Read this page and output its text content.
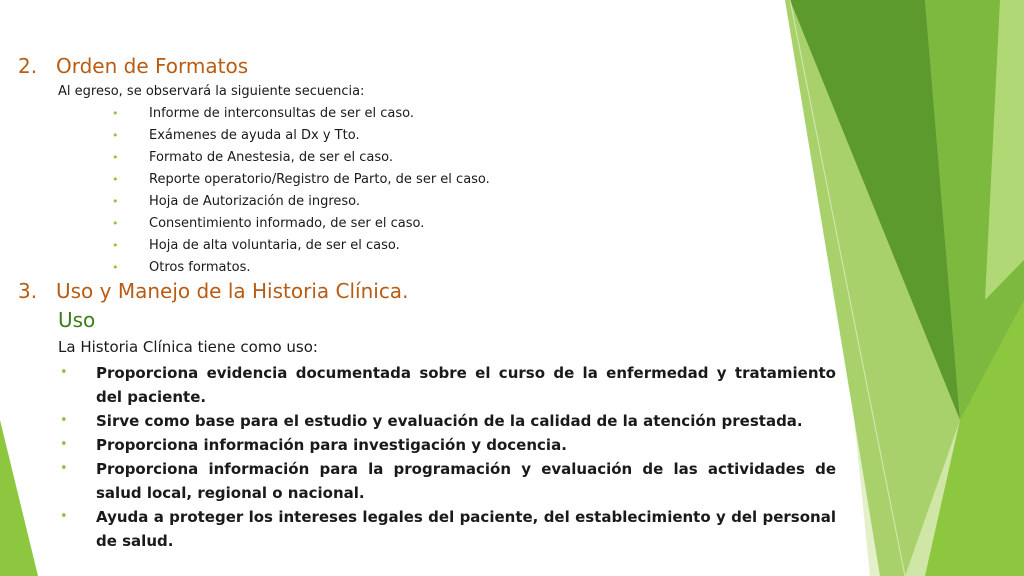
2. Orden de Formatos
Al egreso, se observará la siguiente secuencia:
• Informe de interconsultas de ser el caso.
• Exámenes de ayuda al Dx y Tto.
• Formato de Anestesia, de ser el caso.
• Reporte operatorio/Registro de Parto, de ser el caso.
• Hoja de Autorización de ingreso.
• Consentimiento informado, de ser el caso.
• Hoja de alta voluntaria, de ser el caso.
• Otros formatos.
3. Uso y Manejo de la Historia Clínica.
Uso
La Historia Clínica tiene como uso:
• Proporciona evidencia documentada sobre el curso de la enfermedad y tratamiento del paciente.
• Sirve como base para el estudio y evaluación de la calidad de la atención prestada.
• Proporciona información para investigación y docencia.
• Proporciona información para la programación y evaluación de las actividades de salud local, regional o nacional.
• Ayuda a proteger los intereses legales del paciente, del establecimiento y del personal de salud.
